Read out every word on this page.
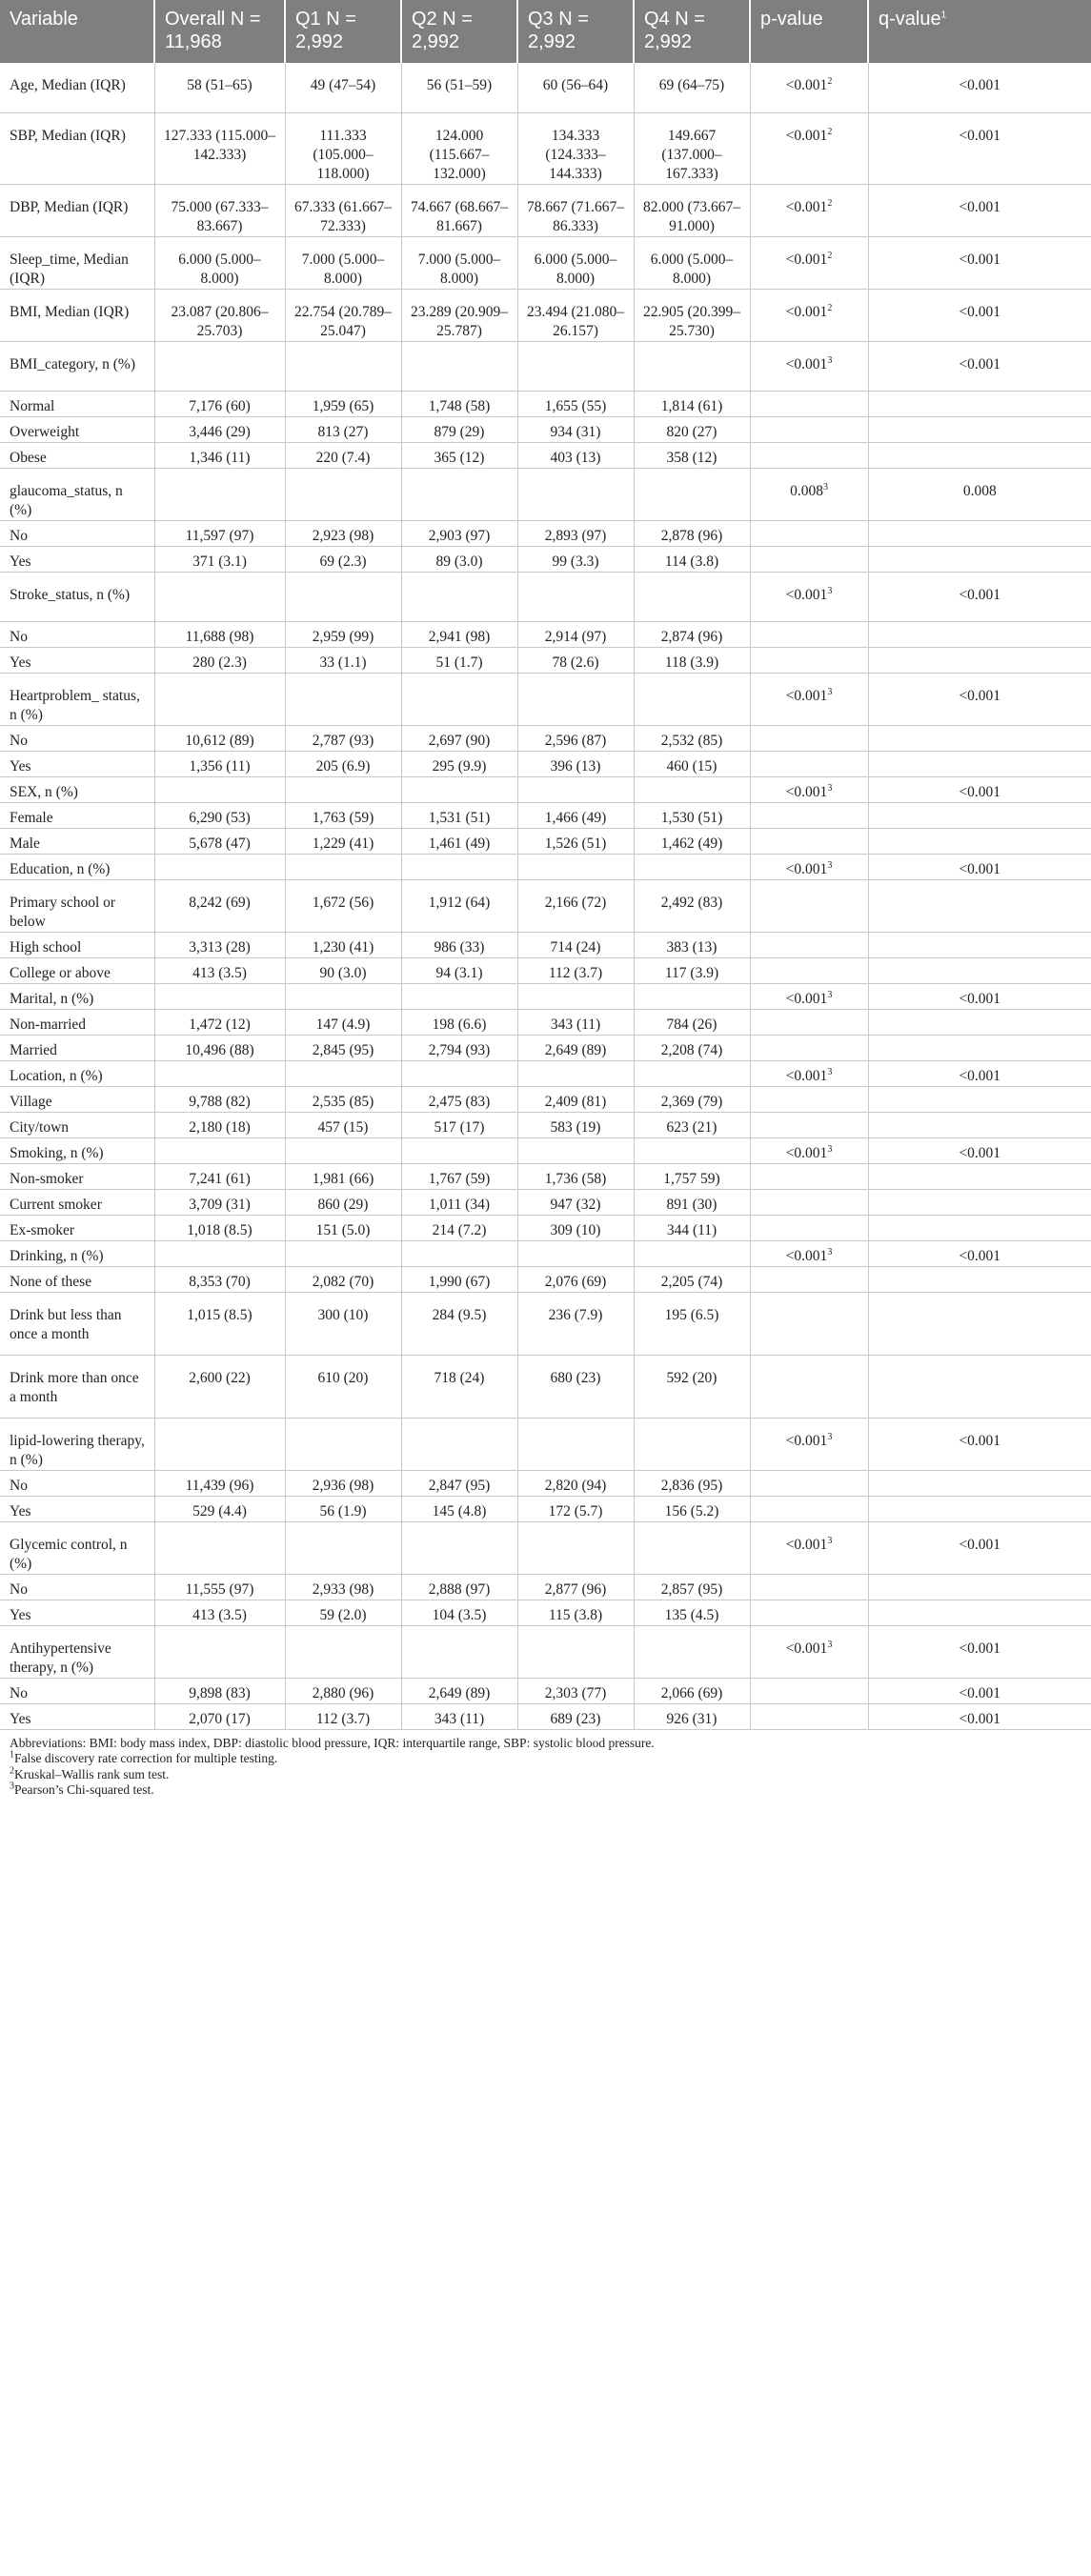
Variable	Overall N = 11,968	Q1 N = 2,992	Q2 N = 2,992	Q3 N = 2,992	Q4 N = 2,992	p-value	q-value$^1$

Age, Median (IQR)	58 (51–65)	49 (47–54)	56 (51–59)	60 (56–64)	69 (64–75)	$<0.001^2$	<0.001

SBP, Median (IQR)	127.333 (115.000–142.333)	111.333 (105.000–118.000)	124.000 (115.667–132.000)	134.333 (124.333–144.333)	149.667 (137.000–167.333)	$<0.001^2$	<0.001

DBP, Median (IQR)	75.000 (67.333–83.667)	67.333 (61.667–72.333)	74.667 (68.667–81.667)	78.667 (71.667–86.333)	82.000 (73.667–91.000)	$<0.001^2$	<0.001

Sleep_time, Median (IQR)	6.000 (5.000–8.000)	7.000 (5.000–8.000)	7.000 (5.000–8.000)	6.000 (5.000–8.000)	6.000 (5.000–8.000)	$<0.001^2$	<0.001

BMI, Median (IQR)	23.087 (20.806–25.703)	22.754 (20.789–25.047)	23.289 (20.909–25.787)	23.494 (21.080–26.157)	22.905 (20.399–25.730)	$<0.001^2$	<0.001

BMI_category, n (%)						$<0.001^3$	<0.001

Normal	7,176 (60)	1,959 (65)	1,748 (58)	1,655 (55)	1,814 (61)		

Overweight	3,446 (29)	813 (27)	879 (29)	934 (31)	820 (27)		

Obese	1,346 (11)	220 (7.4)	365 (12)	403 (13)	358 (12)		

glaucoma_status, n (%)						0.008$^3$	0.008

No	11,597 (97)	2,923 (98)	2,903 (97)	2,893 (97)	2,878 (96)		

Yes	371 (3.1)	69 (2.3)	89 (3.0)	99 (3.3)	114 (3.8)		

Stroke_status, n (%)						$<0.001^3$	<0.001

No	11,688 (98)	2,959 (99)	2,941 (98)	2,914 (97)	2,874 (96)		

Yes	280 (2.3)	33 (1.1)	51 (1.7)	78 (2.6)	118 (3.9)		

Heartproblem_ status, n (%)						$<0.001^3$	<0.001

No	10,612 (89)	2,787 (93)	2,697 (90)	2,596 (87)	2,532 (85)		

Yes	1,356 (11)	205 (6.9)	295 (9.9)	396 (13)	460 (15)		

SEX, n (%)						$<0.001^3$	<0.001

Female	6,290 (53)	1,763 (59)	1,531 (51)	1,466 (49)	1,530 (51)		

Male	5,678 (47)	1,229 (41)	1,461 (49)	1,526 (51)	1,462 (49)		

Education, n (%)						$<0.001^3$	<0.001

Primary school or below	8,242 (69)	1,672 (56)	1,912 (64)	2,166 (72)	2,492 (83)		

High school	3,313 (28)	1,230 (41)	986 (33)	714 (24)	383 (13)		

College or above	413 (3.5)	90 (3.0)	94 (3.1)	112 (3.7)	117 (3.9)		

Marital, n (%)						$<0.001^3$	<0.001

Non-married	1,472 (12)	147 (4.9)	198 (6.6)	343 (11)	784 (26)		

Married	10,496 (88)	2,845 (95)	2,794 (93)	2,649 (89)	2,208 (74)		

Location, n (%)						$<0.001^3$	<0.001

Village	9,788 (82)	2,535 (85)	2,475 (83)	2,409 (81)	2,369 (79)		

City/town	2,180 (18)	457 (15)	517 (17)	583 (19)	623 (21)		

Smoking, n (%)						$<0.001^3$	<0.001

Non-smoker	7,241 (61)	1,981 (66)	1,767 (59)	1,736 (58)	1,757 59)		

Current smoker	3,709 (31)	860 (29)	1,011 (34)	947 (32)	891 (30)		

Ex-smoker	1,018 (8.5)	151 (5.0)	214 (7.2)	309 (10)	344 (11)		

Drinking, n (%)						$<0.001^3$	<0.001

None of these	8,353 (70)	2,082 (70)	1,990 (67)	2,076 (69)	2,205 (74)		

Drink but less than once a month	1,015 (8.5)	300 (10)	284 (9.5)	236 (7.9)	195 (6.5)		

Drink more than once a month	2,600 (22)	610 (20)	718 (24)	680 (23)	592 (20)		

lipid-lowering therapy, n (%)						$<0.001^3$	<0.001

No	11,439 (96)	2,936 (98)	2,847 (95)	2,820 (94)	2,836 (95)		

Yes	529 (4.4)	56 (1.9)	145 (4.8)	172 (5.7)	156 (5.2)		

Glycemic control, n (%)						$<0.001^3$	<0.001

No	11,555 (97)	2,933 (98)	2,888 (97)	2,877 (96)	2,857 (95)		

Yes	413 (3.5)	59 (2.0)	104 (3.5)	115 (3.8)	135 (4.5)		

Antihypertensive therapy, n (%)						$<0.001^3$	<0.001

No	9,898 (83)	2,880 (96)	2,649 (89)	2,303 (77)	2,066 (69)		<0.001

Yes	2,070 (17)	112 (3.7)	343 (11)	689 (23)	926 (31)		<0.001
Abbreviations: BMI: body mass index, DBP: diastolic blood pressure, IQR: interquartile range, SBP: systolic blood pressure.
$^1$False discovery rate correction for multiple testing.
$^2$Kruskal–Wallis rank sum test.
$^3$Pearson’s Chi-squared test.
